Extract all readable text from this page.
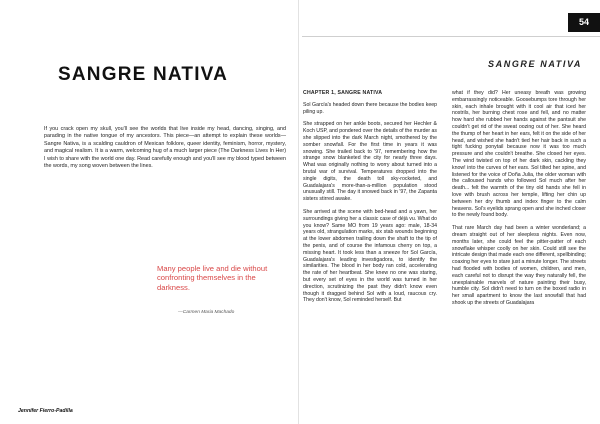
54
SANGRE NATIVA
SANGRE NATIVA

If you crack open my skull, you'll see the worlds that live inside my head, dancing, singing, and parading in the native tongue of my ancestors. This piece—an attempt to explain these worlds—Sangre Nativa, is a scalding cauldron of Mexican folklore, queer identity, feminism, horror, mystery, and magical realism. It is a warm, welcoming hug of a much larger piece (The Darkness Lives In Her) I wish to share with the world one day. Read carefully enough and you'll see my blood typed between the words, my song woven between the lines.

Many people live and die without confronting themselves in the darkness.

—Carmen Maria Machado
Jennifer Fierro-Padilla
CHAPTER 1, SANGRE NATIVA

Sol García's headed down there because the bodies keep piling up.

She strapped on her ankle boots, secured her Hechler & Koch USP, and pondered over the details of the murder as she slipped into the dark March night, smothered by the somber snowfall. For the first time in years it was snowing. She trailed back to '97, remembering how the strange snow blanketed the city for nearly three days. What was originally nothing to worry about turned into a brutal war of survival. Temperatures dropped into the single digits, the death toll sky-rocketed, and Guadalajara's more-than-a-million population stood unusually still. The day it snowed back in '97, the Zapanta sisters stirred awake.

She arrived at the scene with bed-head and a yawn, her surroundings giving her a classic case of déjà vu. What do you know? Same MO from 19 years ago: male, 18-34 years old, strangulation marks, six stab wounds beginning at the lower abdomen trailing down the shaft to the tip of the penis, and of course the infamous cherry on top, a missing heart. It took less than a sneeze for Sol García, Guadalajara's leading investigadora, to identify the similarities. The blood in her body ran cold, accelerating the rate of her heartbeat. She knew no one was staring, but every set of eyes in the world was turned in her direction, scrutinizing the past they didn't know even though it dragged behind Sol with a loud, raucous cry. They don't know, Sol reminded herself. But

what if they did? Her uneasy breath was growing embarrassingly noticeable. Goosebumps tore through her skin, each inhale brought with it cool air that iced her nostrils, her burning chest rose and fell, and no matter how hard she rubbed her hands against the pantsuit she couldn't get rid of the sweat oozing out of her. She heard the thump of her heart in her ears, felt it on the side of her head, and wished she hadn't tied her hair back in such a tight fucking ponytail because now it was too much pressure and she couldn't breathe. She closed her eyes. The wind twisted on top of her dark skin, cackling they know! into the curves of her ears. Sol tilted her spine, and listened for the voice of Doña Julia, the older woman with the calloused hands who followed Sol much after her death... felt the warmth of the tiny old hands she fell in love with brush across her temple, lifting her chin up between her dry thumb and index finger to the calm heavens. Sol's eyelids sprang open and she inched closer to the newly found body.

That rare March day had been a winter wonderland; a dream straight out of her sleepless nights. Even now, months later, she could feel the pitter-patter of each snowflake whisper coolly on her skin. Could still see the intricate design that made each one different, spellbinding; coaxing her eyes to stare just a minute longer. The streets had flooded with bodies of women, children, and men, each careful not to disrupt the way they naturally fell, the unexplainable marvels of nature painting their busy, humble city. Sol didn't need to turn on the boxed radio in her small apartment to know the last snowfall that had shook up the streets of Guadalajara
